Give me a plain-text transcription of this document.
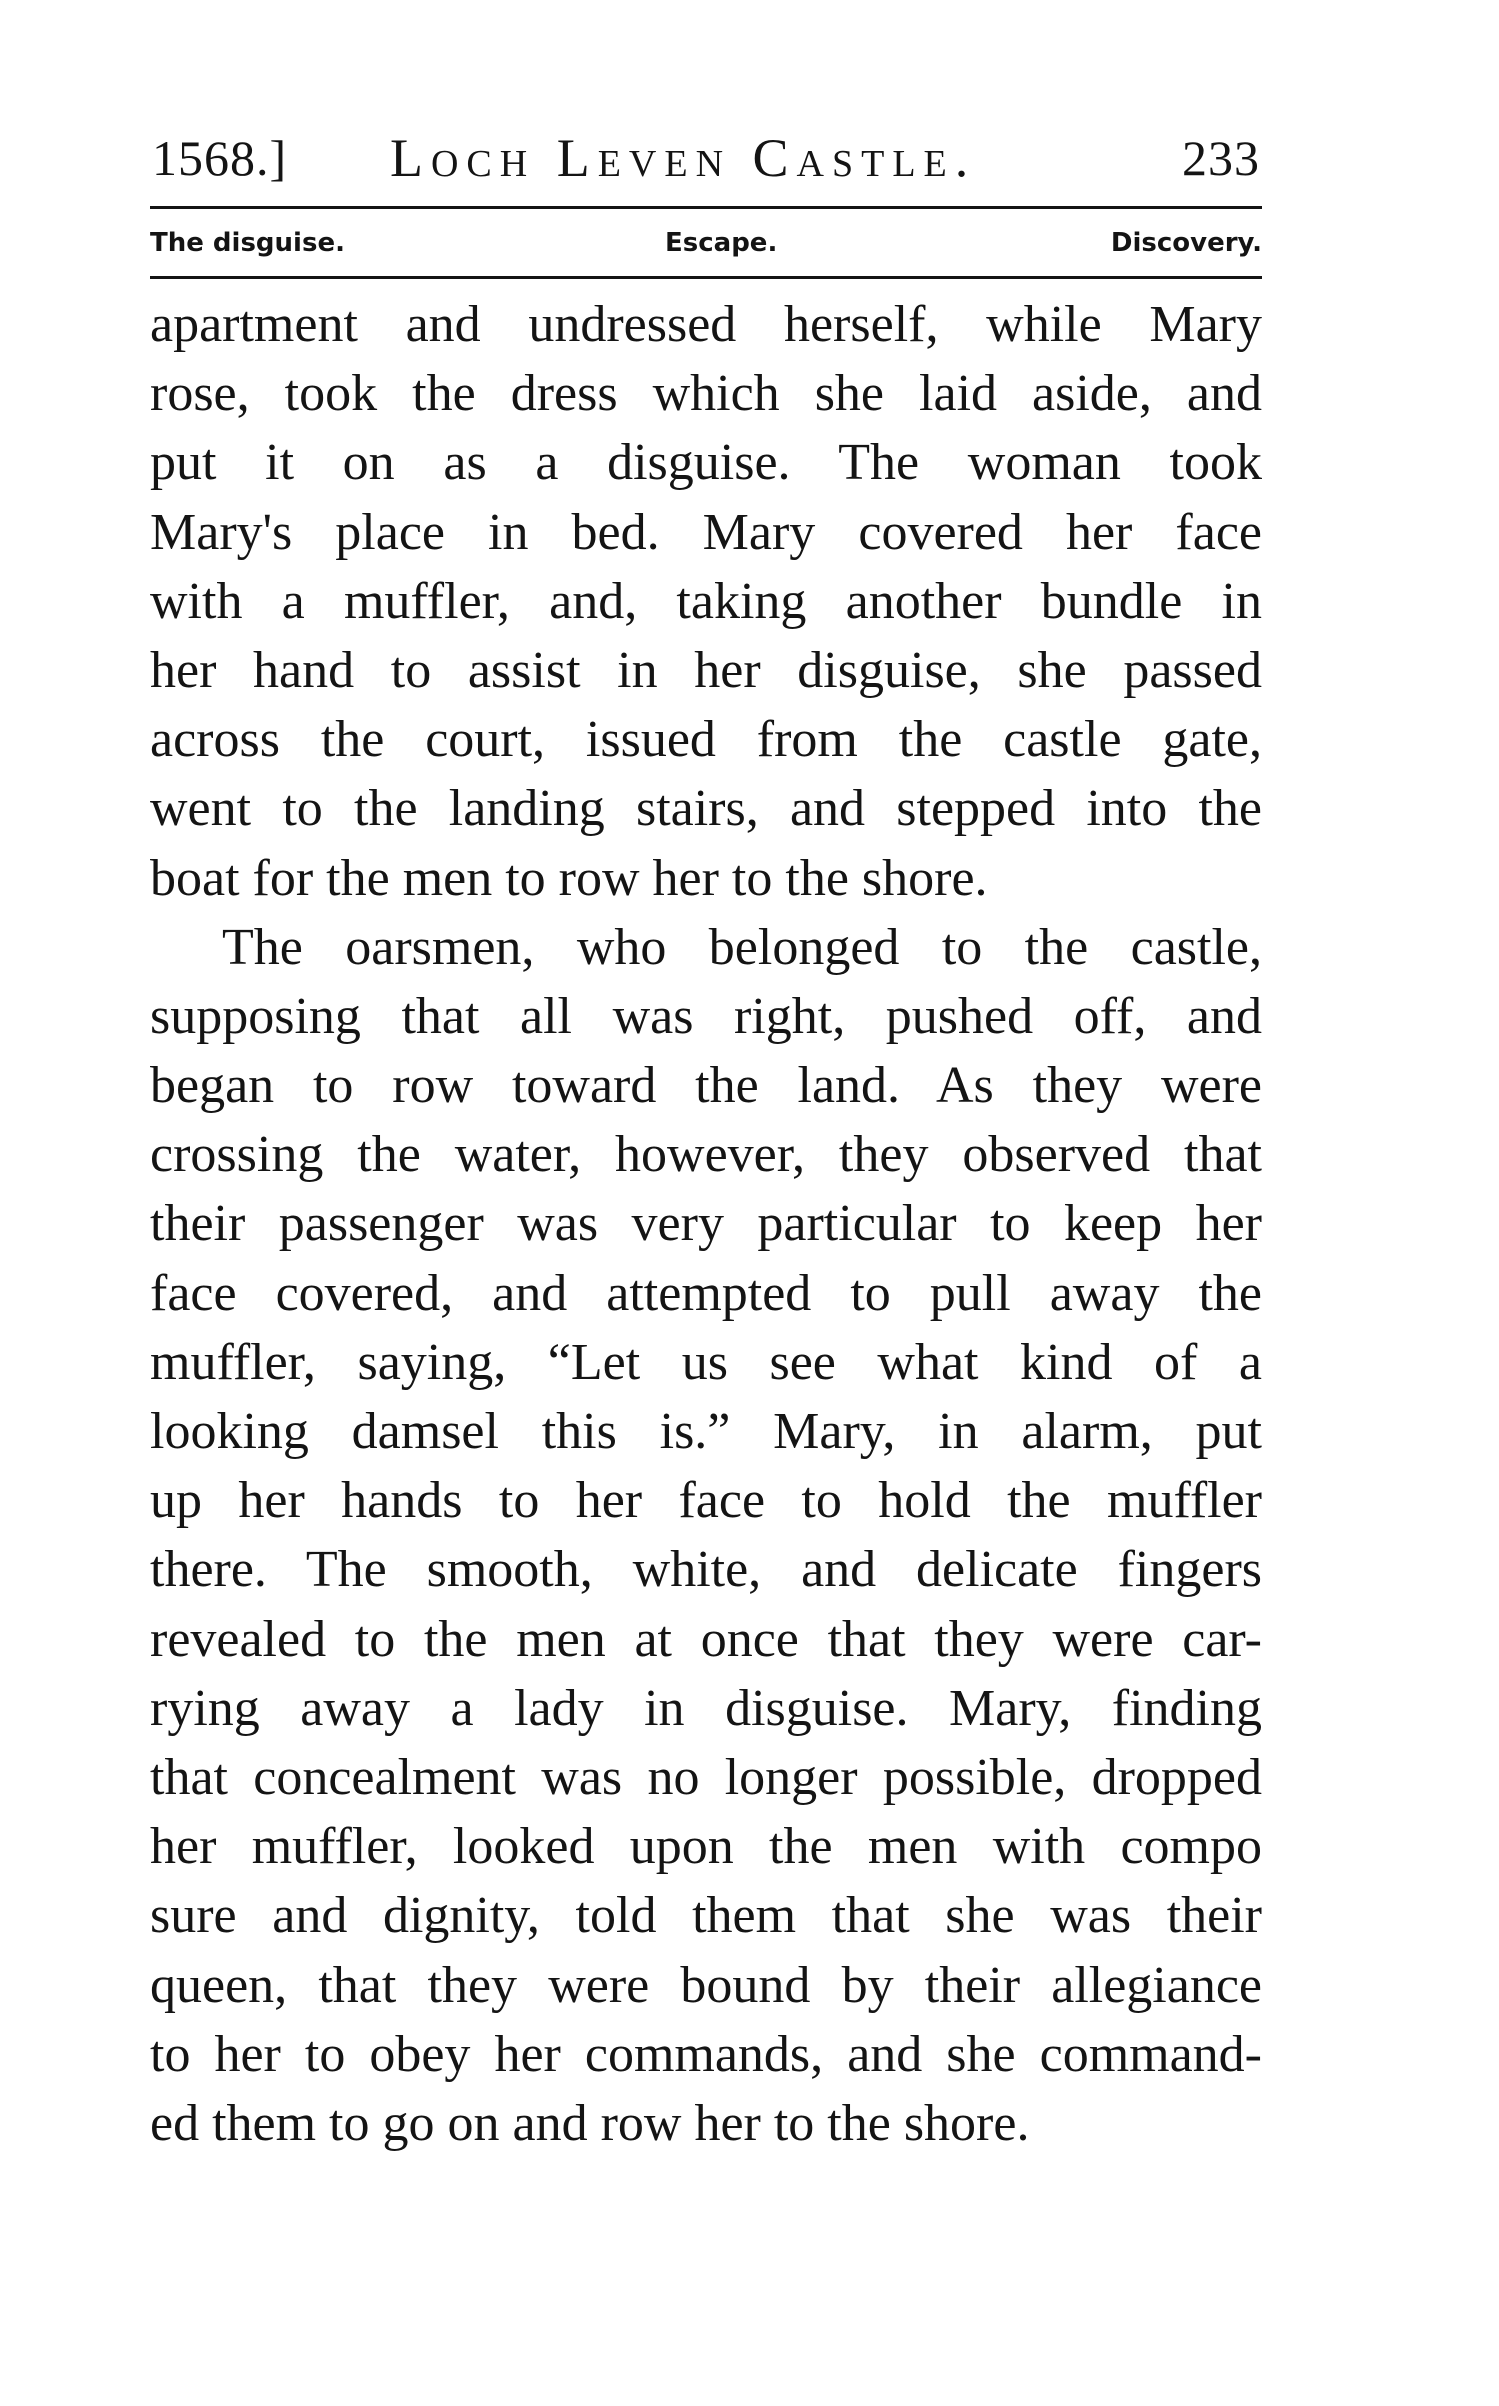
1568.] Loch Leven Castle.	233
The disguise.	Escape.	Discovery.
apartment and undressed herself, while Mary
rose, took the dress which she laid aside, and
put it on as a disguise. The woman took
Mary's place in bed. Mary covered her face
with a muffler, and, taking another bundle in
her hand to assist in her disguise, she passed
across the court, issued from the castle gate,
went to the landing stairs, and stepped into the
boat for the men to row her to the shore.
The oarsmen, who belonged to the castle,
supposing that all was right, pushed off, and
began to row toward the land. As they were
crossing the water, however, they observed that
their passenger was very particular to keep her
face covered, and attempted to pull away the
muffler, saying, “Let us see what kind of a
looking damsel this is.” Mary, in alarm, put
up her hands to her face to hold the muffler
there. The smooth, white, and delicate fingers
revealed to the men at once that they were car-
rying away a lady in disguise. Mary, finding
that concealment was no longer possible, dropped
her muffler, looked upon the men with compo
sure and dignity, told them that she was their
queen, that they were bound by their allegiance
to her to obey her commands, and she command-
ed them to go on and row her to the shore.
